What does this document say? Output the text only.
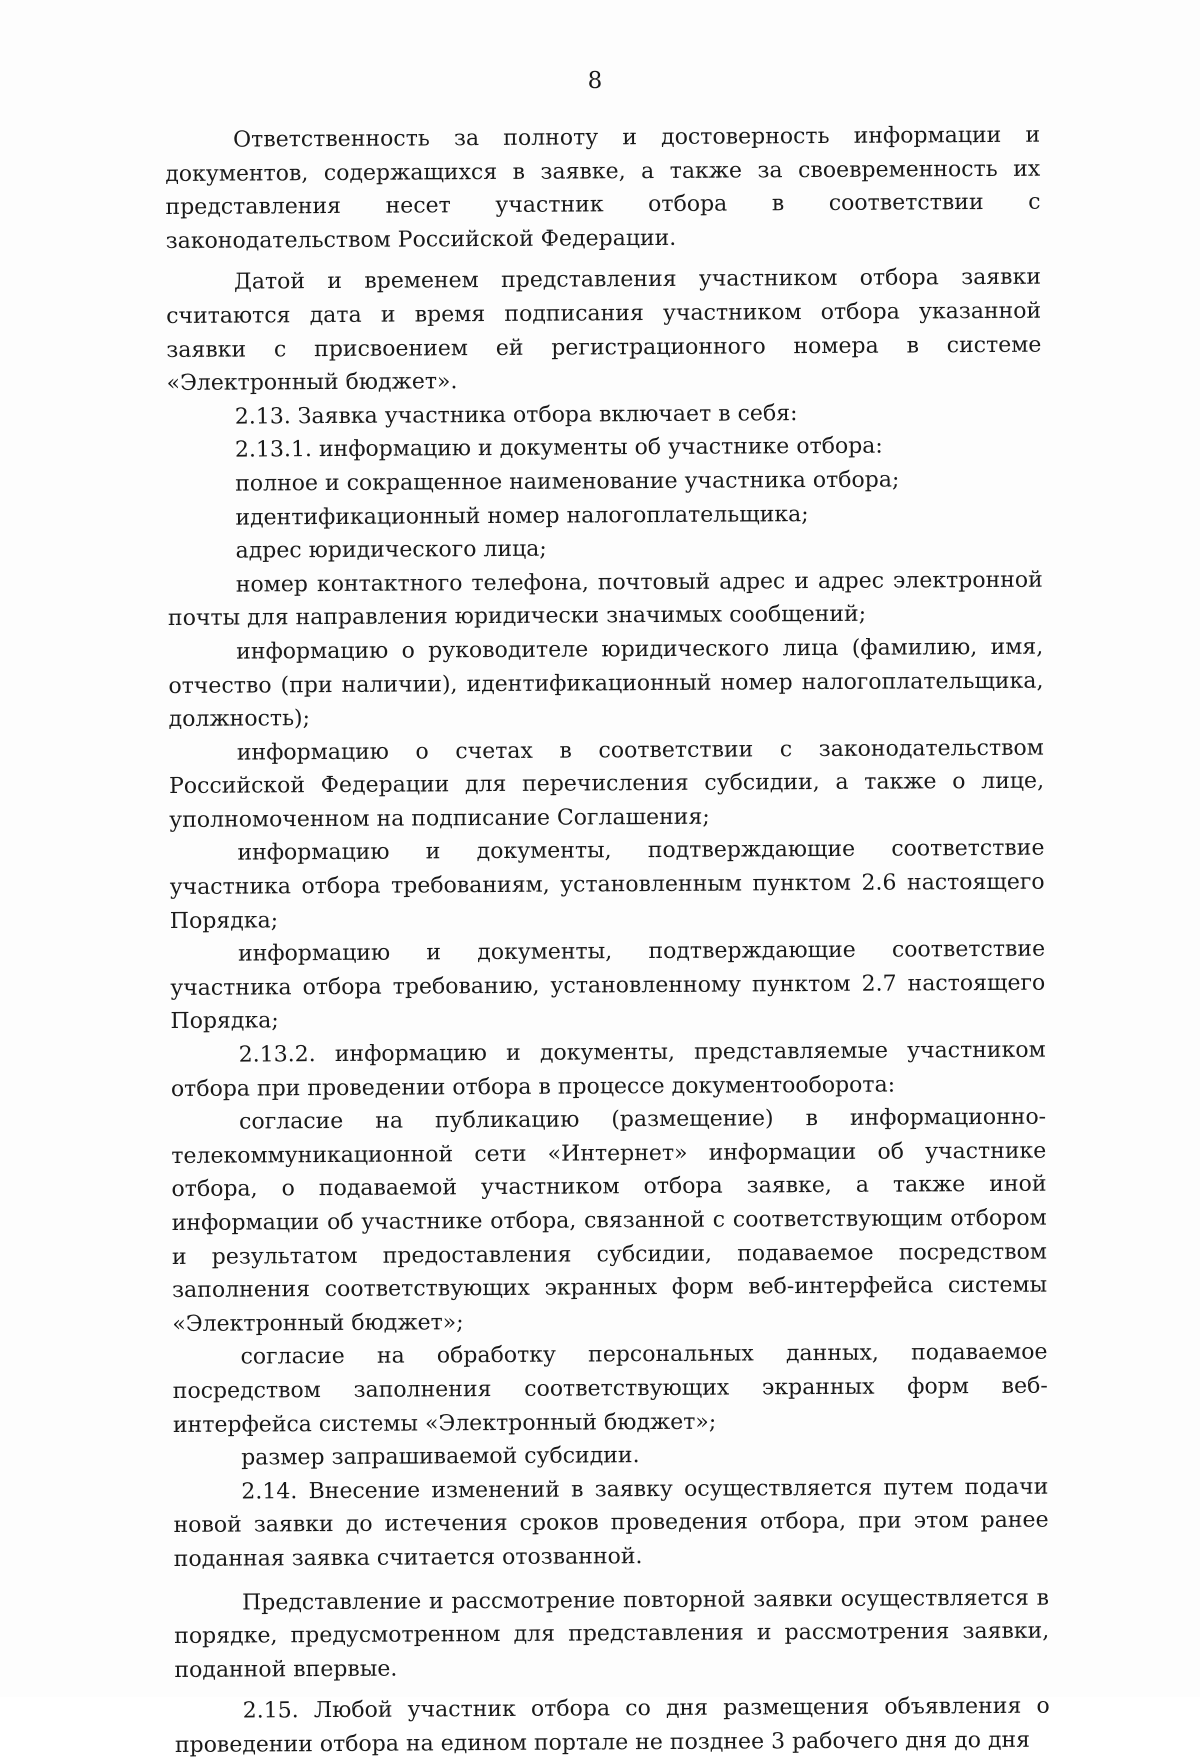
8

Ответственность за полноту и достоверность информации и документов, содержащихся в заявке, а также за своевременность их представления несет участник отбора в соответствии с законодательством Российской Федерации.

Датой и временем представления участником отбора заявки считаются дата и время подписания участником отбора указанной заявки с присвоением ей регистрационного номера в системе «Электронный бюджет».

2.13. Заявка участника отбора включает в себя:

2.13.1. информацию и документы об участнике отбора:

полное и сокращенное наименование участника отбора;

идентификационный номер налогоплательщика;

адрес юридического лица;

номер контактного телефона, почтовый адрес и адрес электронной почты для направления юридически значимых сообщений;

информацию о руководителе юридического лица (фамилию, имя, отчество (при наличии), идентификационный номер налогоплательщика, должность);

информацию о счетах в соответствии с законодательством Российской Федерации для перечисления субсидии, а также о лице, уполномоченном на подписание Соглашения;

информацию и документы, подтверждающие соответствие участника отбора требованиям, установленным пунктом 2.6 настоящего Порядка;

информацию и документы, подтверждающие соответствие участника отбора требованию, установленному пунктом 2.7 настоящего Порядка;

2.13.2. информацию и документы, представляемые участником отбора при проведении отбора в процессе документооборота:

согласие на публикацию (размещение) в информационно-телекоммуникационной сети «Интернет» информации об участнике отбора, о подаваемой участником отбора заявке, а также иной информации об участнике отбора, связанной с соответствующим отбором и результатом предоставления субсидии, подаваемое посредством заполнения соответствующих экранных форм веб-интерфейса системы «Электронный бюджет»;

согласие на обработку персональных данных, подаваемое посредством заполнения соответствующих экранных форм веб-интерфейса системы «Электронный бюджет»;

размер запрашиваемой субсидии.

2.14. Внесение изменений в заявку осуществляется путем подачи новой заявки до истечения сроков проведения отбора, при этом ранее поданная заявка считается отозванной.

Представление и рассмотрение повторной заявки осуществляется в порядке, предусмотренном для представления и рассмотрения заявки, поданной впервые.

2.15. Любой участник отбора со дня размещения объявления о проведении отбора на едином портале не позднее 3 рабочего дня до дня
